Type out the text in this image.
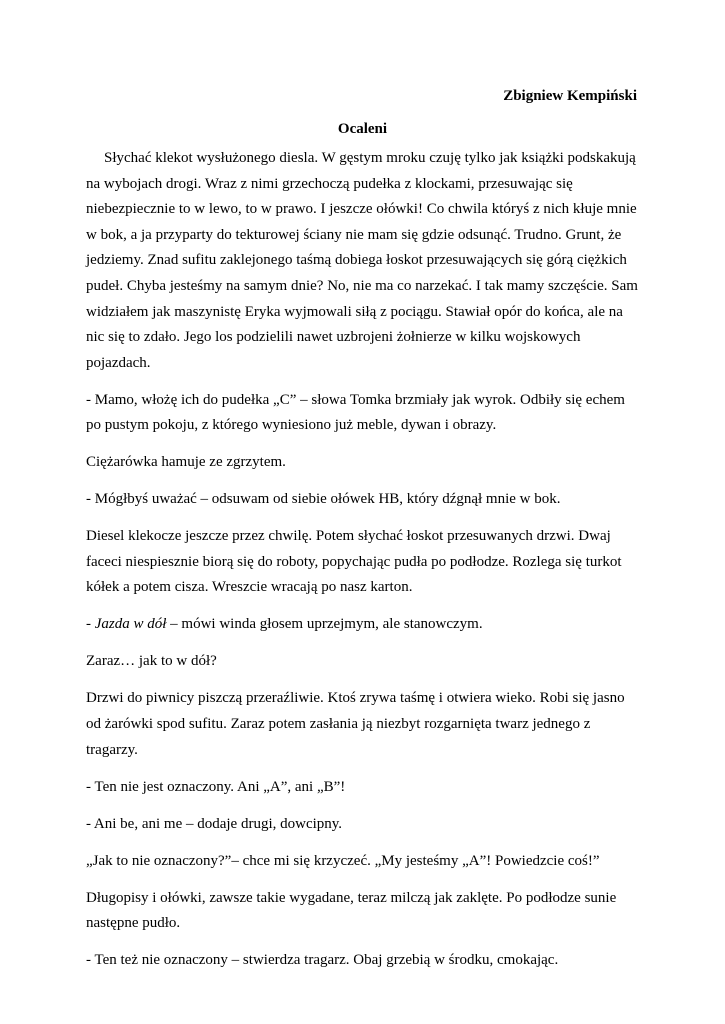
Zbigniew Kempiński

Ocaleni

Słychać klekot wysłużonego diesla. W gęstym mroku czuję tylko jak książki podskakują na wybojach drogi. Wraz z nimi grzechoczą pudełka z klockami, przesuwając się niebezpiecznie to w lewo, to w prawo. I jeszcze ołówki! Co chwila któryś z nich kłuje mnie w bok, a ja przyparty do tekturowej ściany nie mam się gdzie odsunąć. Trudno. Grunt, że jedziemy. Znad sufitu zaklejonego taśmą dobiega łoskot przesuwających się górą ciężkich pudeł. Chyba jesteśmy na samym dnie? No, nie ma co narzekać. I tak mamy szczęście. Sam widziałem jak maszynistę Eryka wyjmowali siłą z pociągu. Stawiał opór do końca, ale na nic się to zdało. Jego los podzielili nawet uzbrojeni żołnierze w kilku wojskowych pojazdach.

- Mamo, włożę ich do pudełka „C” – słowa Tomka brzmiały jak wyrok. Odbiły się echem po pustym pokoju, z którego wyniesiono już meble, dywan i obrazy.

Ciężarówka hamuje ze zgrzytem.

- Mógłbyś uważać – odsuwam od siebie ołówek HB, który dźgnął mnie w bok.

Diesel klekocze jeszcze przez chwilę. Potem słychać łoskot przesuwanych drzwi. Dwaj faceci niespiesznie biorą się do roboty, popychając pudła po podłodze. Rozlega się turkot kółek a potem cisza. Wreszcie wracają po nasz karton.

- Jazda w dół – mówi winda głosem uprzejmym, ale stanowczym.

Zaraz… jak to w dół?

Drzwi do piwnicy piszczą przeraźliwie. Ktoś zrywa taśmę i otwiera wieko. Robi się jasno od żarówki spod sufitu. Zaraz potem zasłania ją niezbyt rozgarnięta twarz jednego z tragarzy.

- Ten nie jest oznaczony. Ani „A”, ani „B”!

- Ani be, ani me – dodaje drugi, dowcipny.

„Jak to nie oznaczony?”– chce mi się krzyczeć. „My jesteśmy „A”! Powiedzcie coś!”

Długopisy i ołówki, zawsze takie wygadane, teraz milczą jak zaklęte. Po podłodze sunie następne pudło.

- Ten też nie oznaczony – stwierdza tragarz. Obaj grzebią w środku, cmokając.
